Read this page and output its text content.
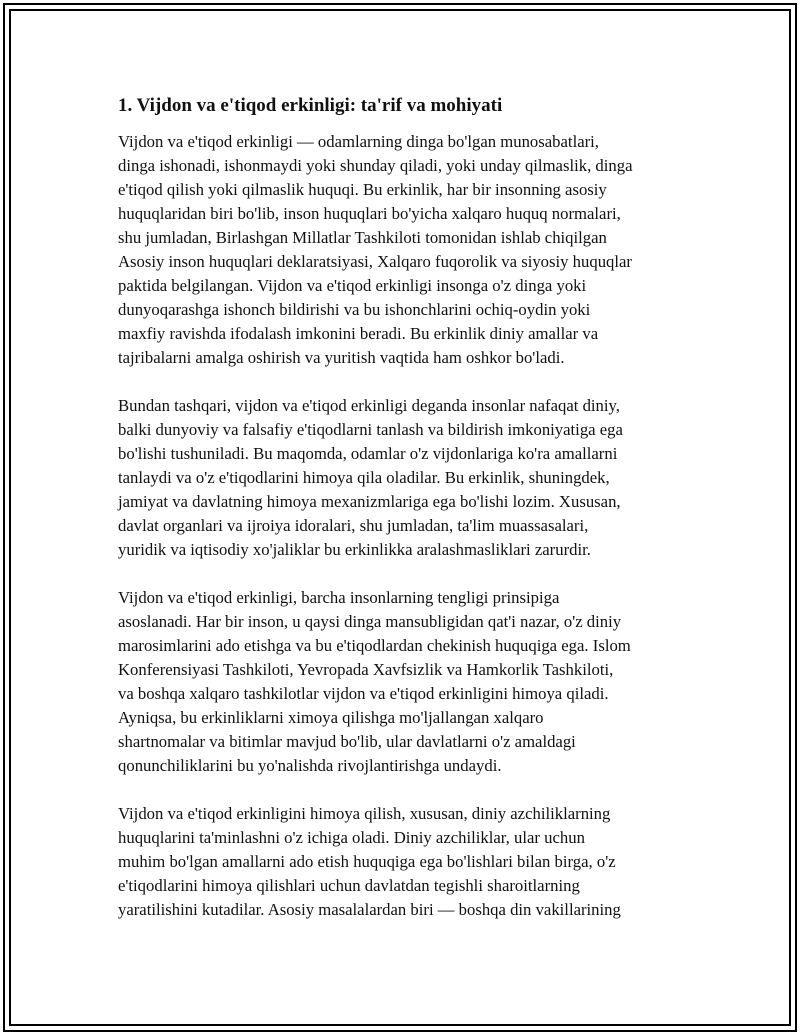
1. Vijdon va e'tiqod erkinligi: ta'rif va mohiyati

Vijdon va e'tiqod erkinligi — odamlarning dinga bo'lgan munosabatlari,
dinga ishonadi, ishonmaydi yoki shunday qiladi, yoki unday qilmaslik, dinga
e'tiqod qilish yoki qilmaslik huquqi. Bu erkinlik, har bir insonning asosiy
huquqlaridan biri bo'lib, inson huquqlari bo'yicha xalqaro huquq normalari,
shu jumladan, Birlashgan Millatlar Tashkiloti tomonidan ishlab chiqilgan
Asosiy inson huquqlari deklaratsiyasi, Xalqaro fuqorolik va siyosiy huquqlar
paktida belgilangan. Vijdon va e'tiqod erkinligi insonga o'z dinga yoki
dunyoqarashga ishonch bildirishi va bu ishonchlarini ochiq-oydin yoki
maxfiy ravishda ifodalash imkonini beradi. Bu erkinlik diniy amallar va
tajribalarni amalga oshirish va yuritish vaqtida ham oshkor bo'ladi.

Bundan tashqari, vijdon va e'tiqod erkinligi deganda insonlar nafaqat diniy,
balki dunyoviy va falsafiy e'tiqodlarni tanlash va bildirish imkoniyatiga ega
bo'lishi tushuniladi. Bu maqomda, odamlar o'z vijdonlariga ko'ra amallarni
tanlaydi va o'z e'tiqodlarini himoya qila oladilar. Bu erkinlik, shuningdek,
jamiyat va davlatning himoya mexanizmlariga ega bo'lishi lozim. Xususan,
davlat organlari va ijroiya idoralari, shu jumladan, ta'lim muassasalari,
yuridik va iqtisodiy xo'jaliklar bu erkinlikka aralashmasliklari zarurdir.

Vijdon va e'tiqod erkinligi, barcha insonlarning tengligi prinsipiga
asoslanadi. Har bir inson, u qaysi dinga mansubligidan qat'i nazar, o'z diniy
marosimlarini ado etishga va bu e'tiqodlardan chekinish huquqiga ega. Islom
Konferensiyasi Tashkiloti, Yevropada Xavfsizlik va Hamkorlik Tashkiloti,
va boshqa xalqaro tashkilotlar vijdon va e'tiqod erkinligini himoya qiladi.
Ayniqsa, bu erkinliklarni ximoya qilishga mo'ljallangan xalqaro
shartnomalar va bitimlar mavjud bo'lib, ular davlatlarni o'z amaldagi
qonunchiliklarini bu yo'nalishda rivojlantirishga undaydi.

Vijdon va e'tiqod erkinligini himoya qilish, xususan, diniy azchiliklarning
huquqlarini ta'minlashni o'z ichiga oladi. Diniy azchiliklar, ular uchun
muhim bo'lgan amallarni ado etish huquqiga ega bo'lishlari bilan birga, o'z
e'tiqodlarini himoya qilishlari uchun davlatdan tegishli sharoitlarning
yaratilishini kutadilar. Asosiy masalalardan biri — boshqa din vakillarining
